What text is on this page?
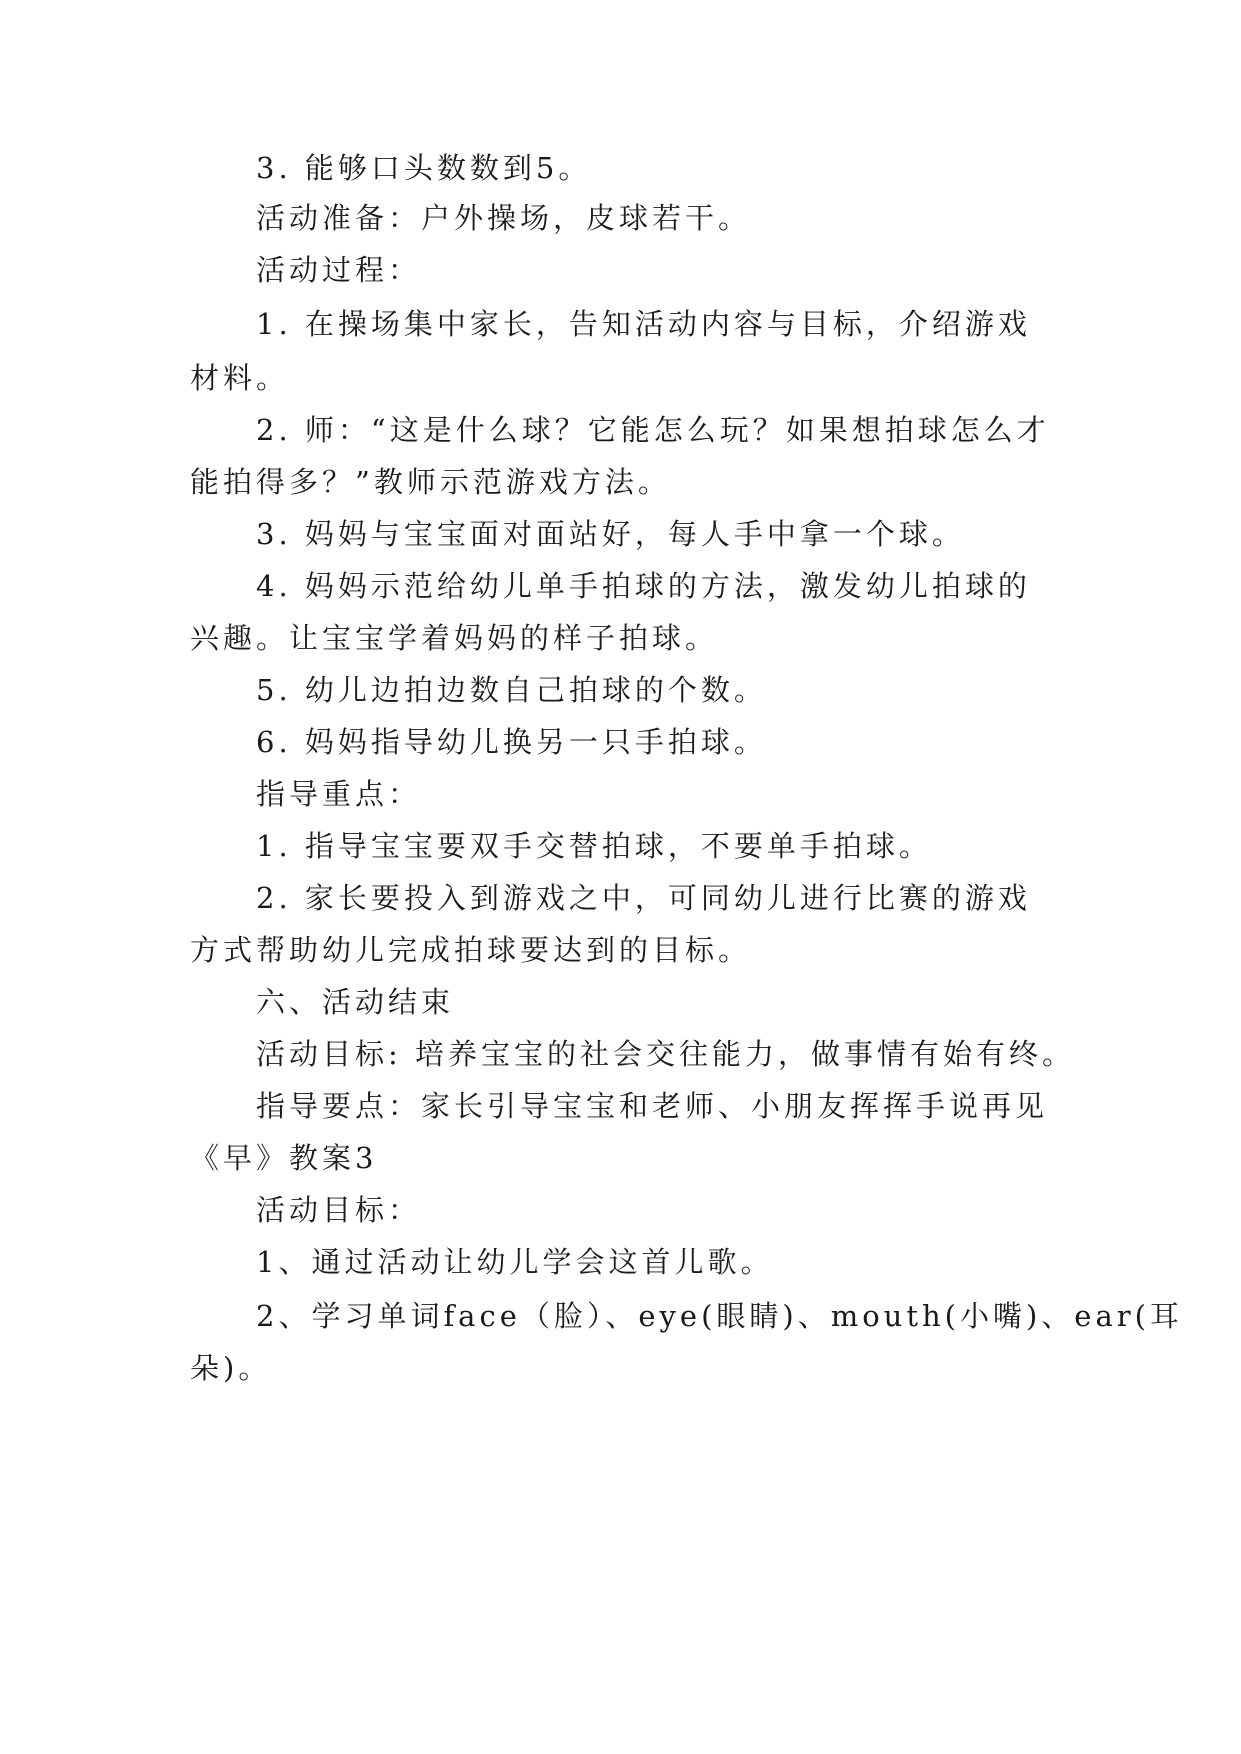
3. 能够口头数数到5。
活动准备：户外操场，皮球若干。
活动过程：
1. 在操场集中家长，告知活动内容与目标，介绍游戏
材料。
2. 师：“这是什么球？它能怎么玩？如果想拍球怎么才
能拍得多？”教师示范游戏方法。
3. 妈妈与宝宝面对面站好，每人手中拿一个球。
4. 妈妈示范给幼儿单手拍球的方法，激发幼儿拍球的
兴趣。让宝宝学着妈妈的样子拍球。
5. 幼儿边拍边数自己拍球的个数。
6. 妈妈指导幼儿换另一只手拍球。
指导重点：
1. 指导宝宝要双手交替拍球，不要单手拍球。
2. 家长要投入到游戏之中，可同幼儿进行比赛的游戏
方式帮助幼儿完成拍球要达到的目标。
六、活动结束
活动目标: 培养宝宝的社会交往能力，做事情有始有终。
指导要点：家长引导宝宝和老师、小朋友挥挥手说再见
《早》教案3
活动目标：
1、通过活动让幼儿学会这首儿歌。
2、学习单词face（脸）、eye(眼睛)、mouth(小嘴)、ear(耳
朵)。
